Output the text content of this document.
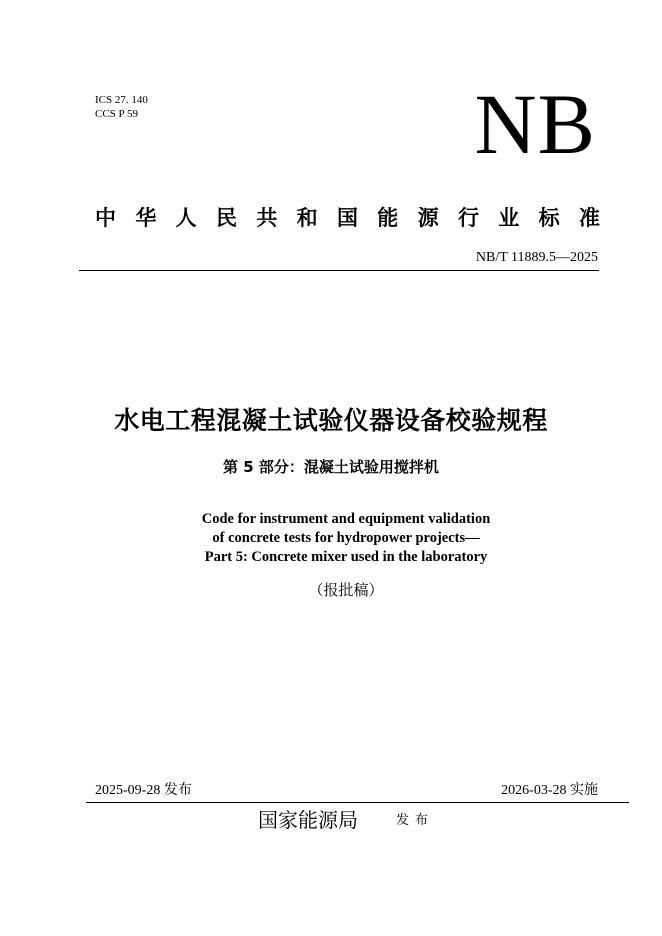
ICS 27. 140
CCS P 59	NB
中 华 人 民 共 和 国 能 源 行 业 标 准
NB/T 11889.5—2025
水电工程混凝土试验仪器设备校验规程
第 5 部分：混凝土试验用搅拌机
Code for instrument and equipment validation
of concrete tests for hydropower projects—
Part 5: Concrete mixer used in the laboratory
（报批稿）
2025-09-28 发布	2026-03-28 实施
国家能源局	发布
